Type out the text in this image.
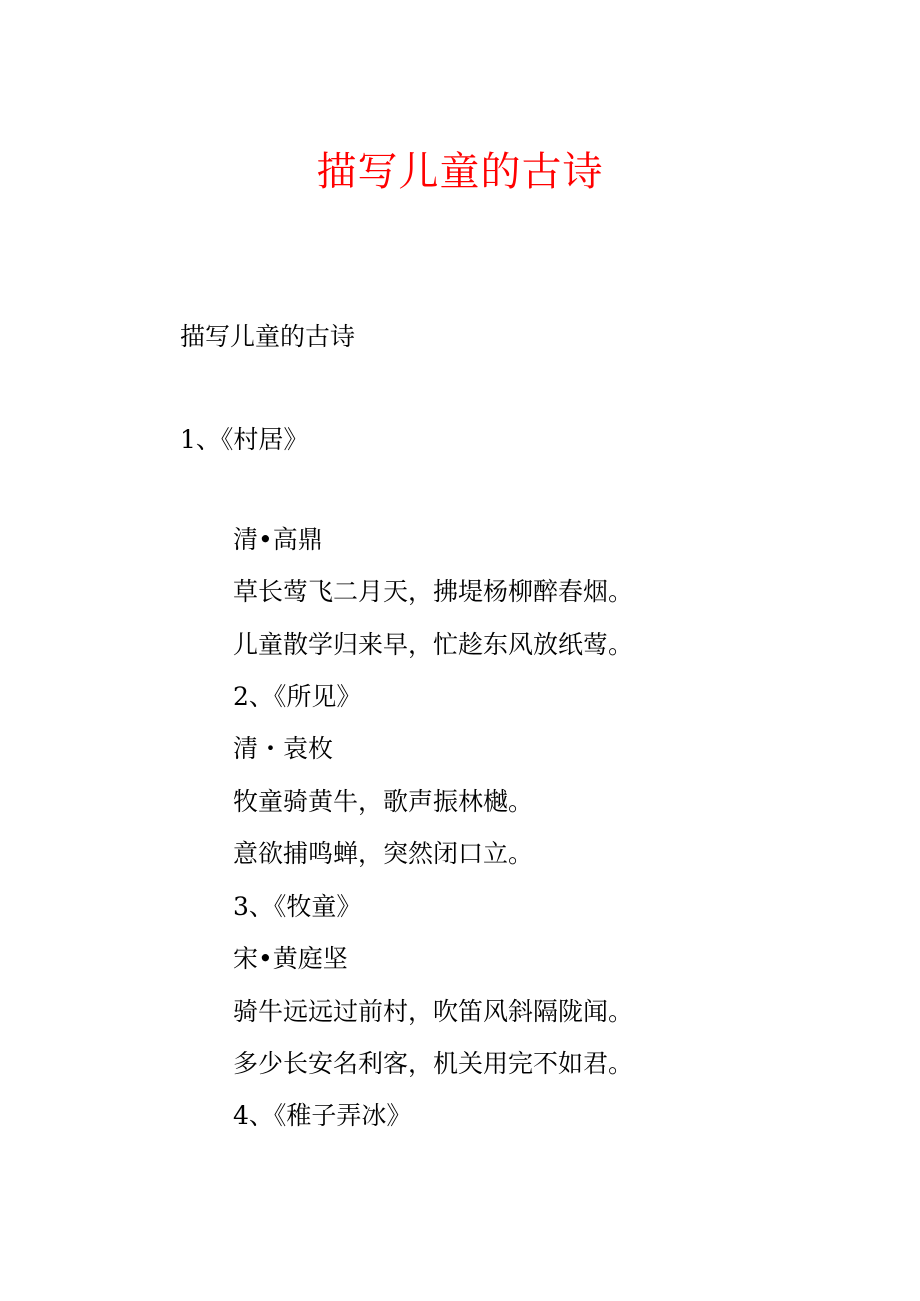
描写儿童的古诗
描写儿童的古诗
1、《村居》
清•高鼎
草长莺飞二月天，拂堤杨柳醉春烟。
儿童散学归来早，忙趁东风放纸莺。
2、《所见》
清・袁枚
牧童骑黄牛，歌声振林樾。
意欲捕鸣蝉，突然闭口立。
3、《牧童》
宋•黄庭坚
骑牛远远过前村，吹笛风斜隔陇闻。
多少长安名利客，机关用完不如君。
4、《稚子弄冰》
